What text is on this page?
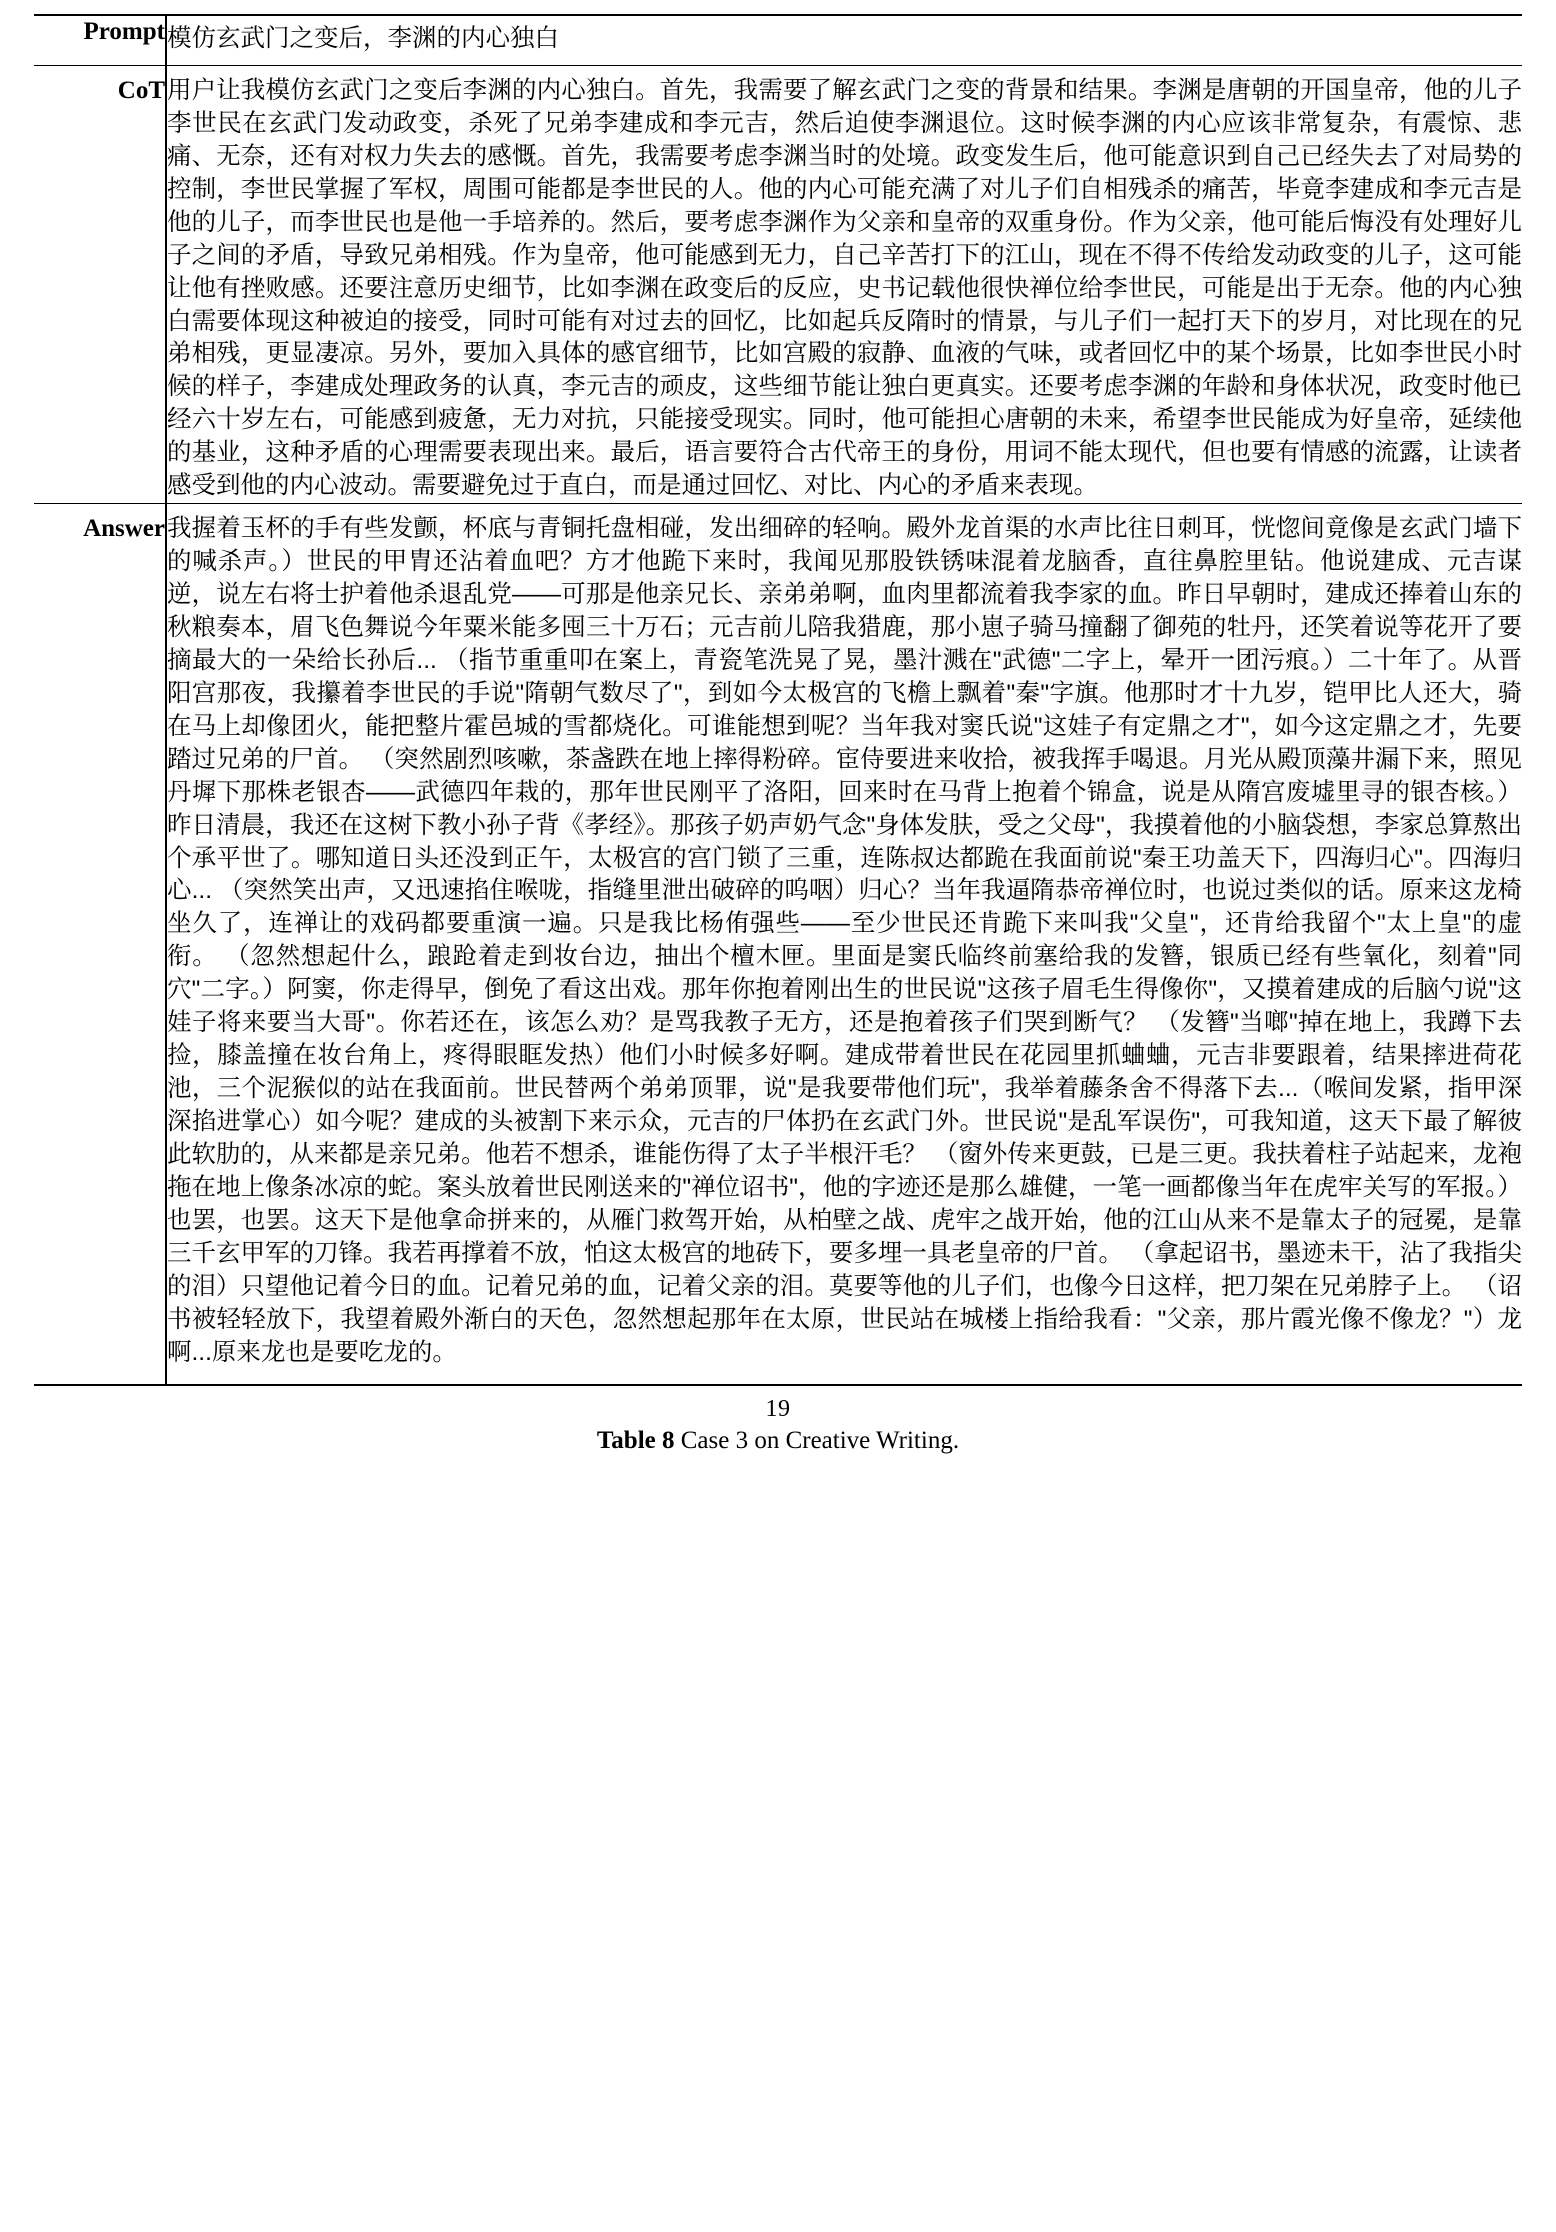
Prompt	模仿玄武门之变后，李渊的内心独白

CoT	用户让我模仿玄武门之变后李渊的内心独白。首先，我需要了解玄武门之变的背景和结果。李渊是唐朝的开国皇帝，他的儿子李世民在玄武门发动政变，杀死了兄弟李建成和李元吉，然后迫使李渊退位。这时候李渊的内心应该非常复杂，有震惊、悲痛、无奈，还有对权力失去的感慨。首先，我需要考虑李渊当时的处境。政变发生后，他可能意识到自己已经失去了对局势的控制，李世民掌握了军权，周围可能都是李世民的人。他的内心可能充满了对儿子们自相残杀的痛苦，毕竟李建成和李元吉是他的儿子，而李世民也是他一手培养的。然后，要考虑李渊作为父亲和皇帝的双重身份。作为父亲，他可能后悔没有处理好儿子之间的矛盾，导致兄弟相残。作为皇帝，他可能感到无力，自己辛苦打下的江山，现在不得不传给发动政变的儿子，这可能让他有挫败感。还要注意历史细节，比如李渊在政变后的反应，史书记载他很快禅位给李世民，可能是出于无奈。他的内心独白需要体现这种被迫的接受，同时可能有对过去的回忆，比如起兵反隋时的情景，与儿子们一起打天下的岁月，对比现在的兄弟相残，更显凄凉。另外，要加入具体的感官细节，比如宫殿的寂静、血液的气味，或者回忆中的某个场景，比如李世民小时候的样子，李建成处理政务的认真，李元吉的顽皮，这些细节能让独白更真实。还要考虑李渊的年龄和身体状况，政变时他已经六十岁左右，可能感到疲惫，无力对抗，只能接受现实。同时，他可能担心唐朝的未来，希望李世民能成为好皇帝，延续他的基业，这种矛盾的心理需要表现出来。最后，语言要符合古代帝王的身份，用词不能太现代，但也要有情感的流露，让读者感受到他的内心波动。需要避免过于直白，而是通过回忆、对比、内心的矛盾来表现。

Answer	我握着玉杯的手有些发颤，杯底与青铜托盘相碰，发出细碎的轻响。殿外龙首渠的水声比往日刺耳，恍惚间竟像是玄武门墙下的喊杀声。）世民的甲胄还沾着血吧？方才他跪下来时，我闻见那股铁锈味混着龙脑香，直往鼻腔里钻。他说建成、元吉谋逆，说左右将士护着他杀退乱党——可那是他亲兄长、亲弟弟啊，血肉里都流着我李家的血。昨日早朝时，建成还捧着山东的秋粮奏本，眉飞色舞说今年粟米能多囤三十万石；元吉前儿陪我猎鹿，那小崽子骑马撞翻了御苑的牡丹，还笑着说等花开了要摘最大的一朵给长孙后... （指节重重叩在案上，青瓷笔洗晃了晃，墨汁溅在"武德"二字上，晕开一团污痕。）二十年了。从晋阳宫那夜，我攥着李世民的手说"隋朝气数尽了"，到如今太极宫的飞檐上飘着"秦"字旗。他那时才十九岁，铠甲比人还大，骑在马上却像团火，能把整片霍邑城的雪都烧化。可谁能想到呢？当年我对窦氏说"这娃子有定鼎之才"，如今这定鼎之才，先要踏过兄弟的尸首。 （突然剧烈咳嗽，茶盏跌在地上摔得粉碎。宦侍要进来收拾，被我挥手喝退。月光从殿顶藻井漏下来，照见丹墀下那株老银杏——武德四年栽的，那年世民刚平了洛阳，回来时在马背上抱着个锦盒，说是从隋宫废墟里寻的银杏核。）昨日清晨，我还在这树下教小孙子背《孝经》。那孩子奶声奶气念"身体发肤，受之父母"，我摸着他的小脑袋想，李家总算熬出个承平世了。哪知道日头还没到正午，太极宫的宫门锁了三重，连陈叔达都跪在我面前说"秦王功盖天下，四海归心"。四海归心... （突然笑出声，又迅速掐住喉咙，指缝里泄出破碎的呜咽）归心？当年我逼隋恭帝禅位时，也说过类似的话。原来这龙椅坐久了，连禅让的戏码都要重演一遍。只是我比杨侑强些——至少世民还肯跪下来叫我"父皇"，还肯给我留个"太上皇"的虚衔。 （忽然想起什么，踉跄着走到妆台边，抽出个檀木匣。里面是窦氏临终前塞给我的发簪，银质已经有些氧化，刻着"同穴"二字。）阿窦，你走得早，倒免了看这出戏。那年你抱着刚出生的世民说"这孩子眉毛生得像你"，又摸着建成的后脑勺说"这娃子将来要当大哥"。你若还在，该怎么劝？是骂我教子无方，还是抱着孩子们哭到断气？ （发簪"当啷"掉在地上，我蹲下去捡，膝盖撞在妆台角上，疼得眼眶发热）他们小时候多好啊。建成带着世民在花园里抓蛐蛐，元吉非要跟着，结果摔进荷花池，三个泥猴似的站在我面前。世民替两个弟弟顶罪，说"是我要带他们玩"，我举着藤条舍不得落下去...（喉间发紧，指甲深深掐进掌心）如今呢？建成的头被割下来示众，元吉的尸体扔在玄武门外。世民说"是乱军误伤"，可我知道，这天下最了解彼此软肋的，从来都是亲兄弟。他若不想杀，谁能伤得了太子半根汗毛？ （窗外传来更鼓，已是三更。我扶着柱子站起来，龙袍拖在地上像条冰凉的蛇。案头放着世民刚送来的"禅位诏书"，他的字迹还是那么雄健，一笔一画都像当年在虎牢关写的军报。）也罢，也罢。这天下是他拿命拼来的，从雁门救驾开始，从柏壁之战、虎牢之战开始，他的江山从来不是靠太子的冠冕，是靠三千玄甲军的刀锋。我若再撑着不放，怕这太极宫的地砖下，要多埋一具老皇帝的尸首。 （拿起诏书，墨迹未干，沾了我指尖的泪）只望他记着今日的血。记着兄弟的血，记着父亲的泪。莫要等他的儿子们，也像今日这样，把刀架在兄弟脖子上。 （诏书被轻轻放下，我望着殿外渐白的天色，忽然想起那年在太原，世民站在城楼上指给我看："父亲，那片霞光像不像龙？"）龙啊...原来龙也是要吃龙的。

19
Table 8 Case 3 on Creative Writing.
